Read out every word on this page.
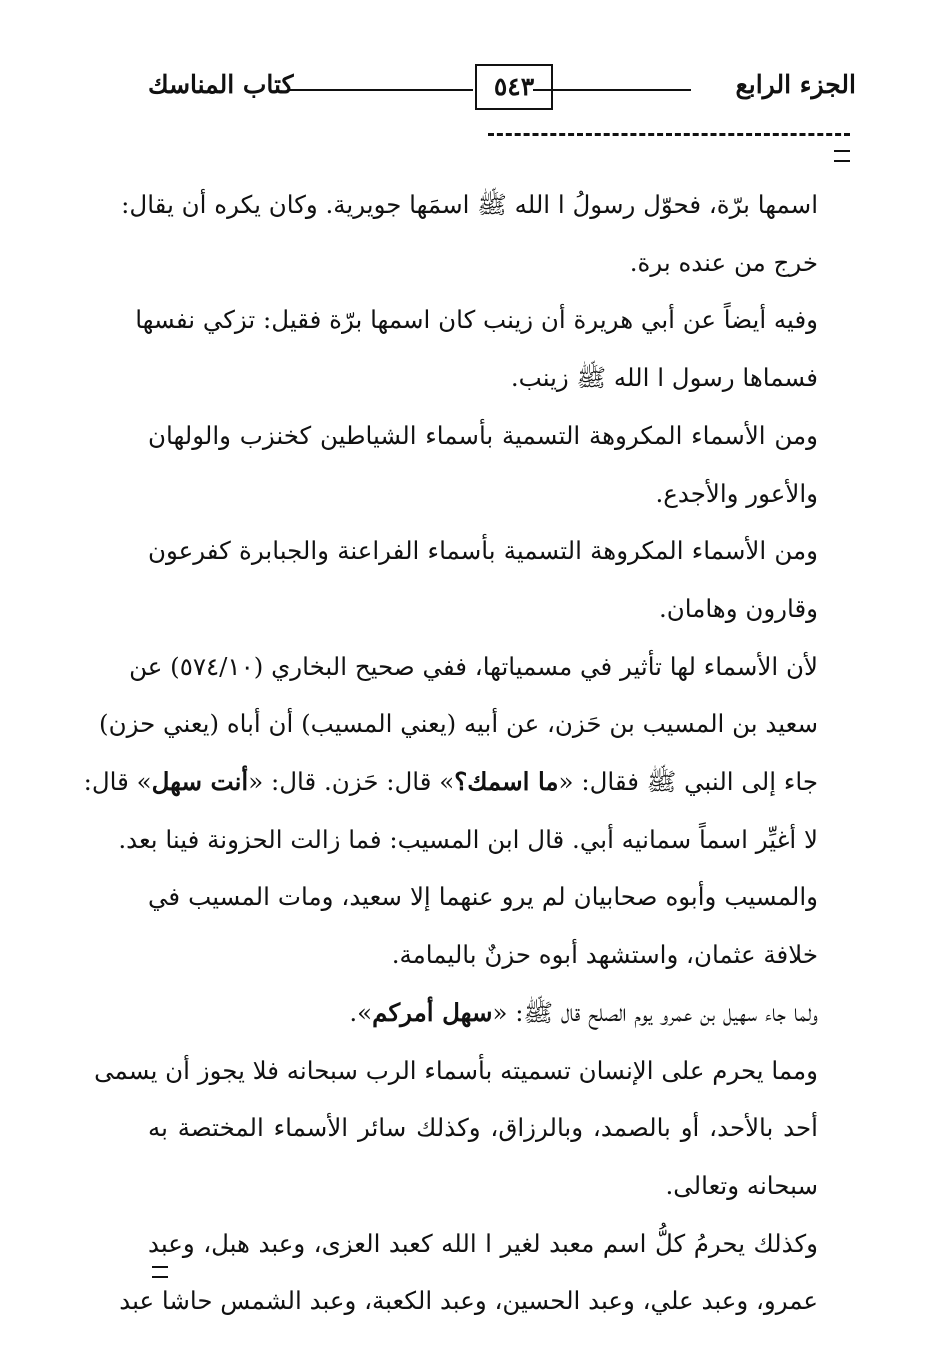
الجزء الرابع
٥٤٣
كتاب المناسك

اسمها برّة، فحوّل رسولُ ا الله ﷺ اسمَها جويرية. وكان يكره أن يقال:
خرج من عنده برة.

وفيه أيضاً عن أبي هريرة أن زينب كان اسمها برّة فقيل: تزكي نفسها
فسماها رسول ا الله ﷺ زينب.

ومن الأسماء المكروهة التسمية بأسماء الشياطين كخنزب والولهان
والأعور والأجدع.

ومن الأسماء المكروهة التسمية بأسماء الفراعنة والجبابرة كفرعون
وقارون وهامان.

لأن الأسماء لها تأثير في مسمياتها، ففي صحيح البخاري (٥٧٤/١٠) عن
سعيد بن المسيب بن حَزن، عن أبيه (يعني المسيب) أن أباه (يعني حزن)
جاء إلى النبي ﷺ فقال: «ما اسمك؟» قال: حَزن. قال: «أنت سهل» قال:
لا أغيِّر اسماً سمانيه أبي. قال ابن المسيب: فما زالت الحزونة فينا بعد.

والمسيب وأبوه صحابيان لم يرو عنهما إلا سعيد، ومات المسيب في
خلافة عثمان، واستشهد أبوه حزنٌ باليمامة.

ولما جاء سهيل بن عمرو يوم الصلح قال ﷺ: «سهل أمركم».

ومما يحرم على الإنسان تسميته بأسماء الرب سبحانه فلا يجوز أن يسمى
أحد بالأحد، أو بالصمد، وبالرزاق، وكذلك سائر الأسماء المختصة به
سبحانه وتعالى.

وكذلك يحرمُ كلُّ اسم معبد لغير ا الله كعبد العزى، وعبد هبل، وعبد
عمرو، وعبد علي، وعبد الحسين، وعبد الكعبة، وعبد الشمس حاشا عبد
